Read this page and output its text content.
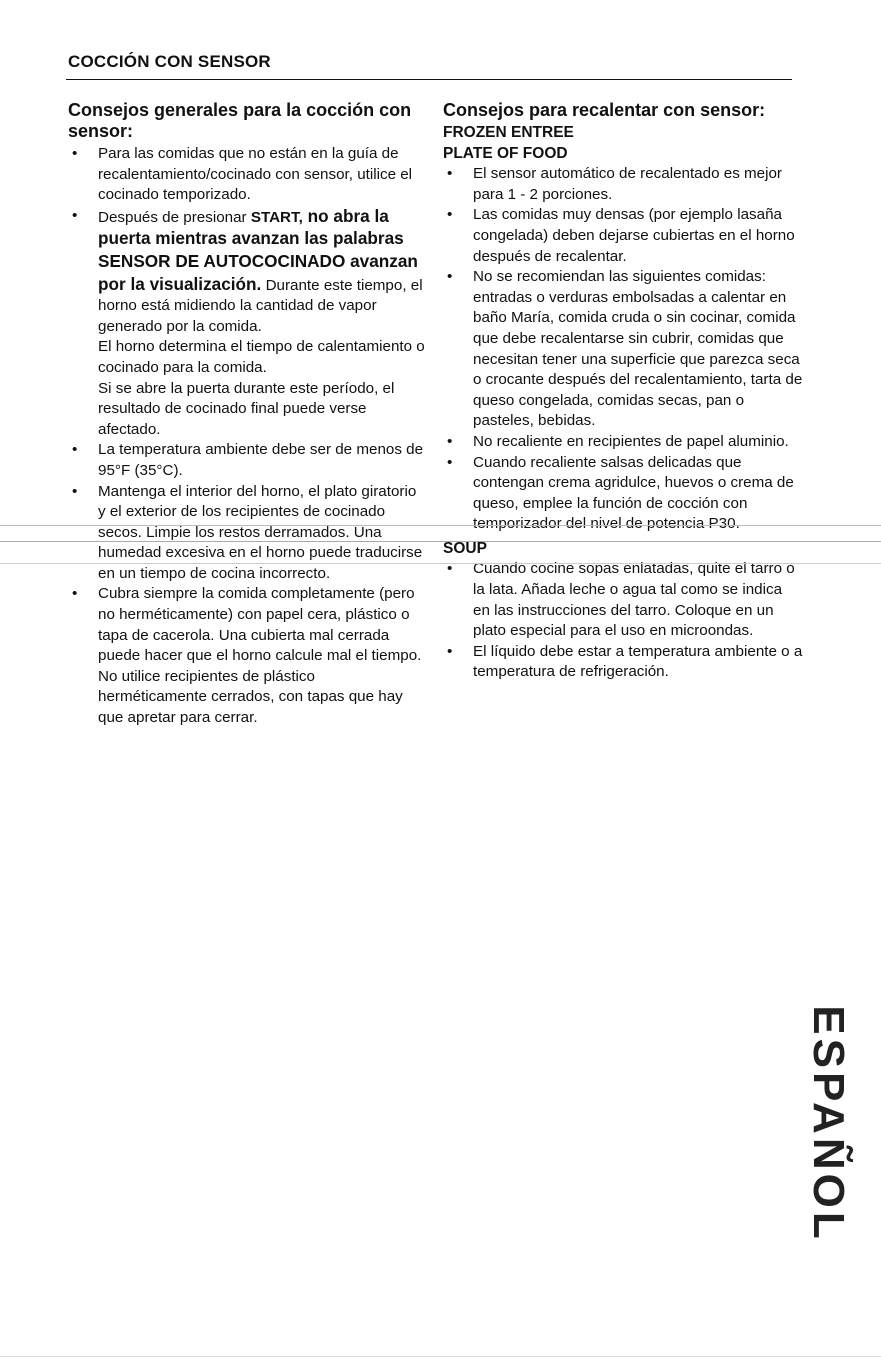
COCCIÓN CON SENSOR
Consejos generales para la cocción con sensor:
• Para las comidas que no están en la guía de recalentamiento/cocinado con sensor, utilice el cocinado temporizado.
• Después de presionar START, no abra la puerta mientras avanzan las palabras SENSOR DE AUTOCOCINADO avanzan por la visualización. Durante este tiempo, el horno está midiendo la cantidad de vapor generado por la comida.
El horno determina el tiempo de calentamiento o cocinado para la comida.
Si se abre la puerta durante este período, el resultado de cocinado final puede verse afectado.
• La temperatura ambiente debe ser de menos de 95°F (35°C).
• Mantenga el interior del horno, el plato giratorio y el exterior de los recipientes de cocinado secos. Limpie los restos derramados. Una humedad excesiva en el horno puede traducirse en un tiempo de cocina incorrecto.
• Cubra siempre la comida completamente (pero no herméticamente) con papel cera, plástico o tapa de cacerola. Una cubierta mal cerrada puede hacer que el horno calcule mal el tiempo. No utilice recipientes de plástico herméticamente cerrados, con tapas que hay que apretar para cerrar.
Consejos para recalentar con sensor:
FROZEN ENTREE
PLATE OF FOOD
• El sensor automático de recalentado es mejor para 1 - 2 porciones.
• Las comidas muy densas (por ejemplo lasaña congelada) deben dejarse cubiertas en el horno después de recalentar.
• No se recomiendan las siguientes comidas: entradas o verduras embolsadas a calentar en baño María, comida cruda o sin cocinar, comida que debe recalentarse sin cubrir, comidas que necesitan tener una superficie que parezca seca o crocante después del recalentamiento, tarta de queso congelada, comidas secas, pan o pasteles, bebidas.
• No recaliente en recipientes de papel aluminio.
• Cuando recaliente salsas delicadas que contengan crema agridulce, huevos o crema de queso, emplee la función de cocción con temporizador del nivel de potencia P30.
SOUP
• Cuando cocine sopas enlatadas, quite el tarro o la lata. Añada leche o agua tal como se indica en las instrucciones del tarro. Coloque en un plato especial para el uso en microondas.
• El líquido debe estar a temperatura ambiente o a temperatura de refrigeración.
ESPAÑOL
